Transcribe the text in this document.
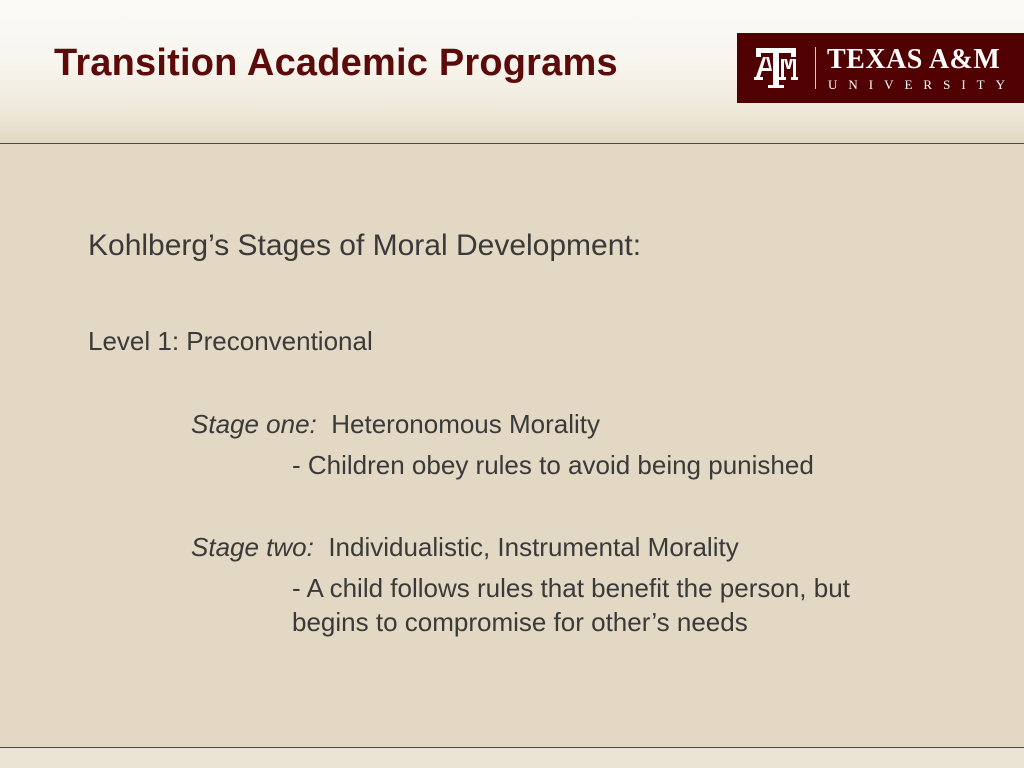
Transition Academic Programs	TEXAS A&M
UNIVERSITY
Kohlberg’s Stages of Moral Development:
Level 1: Preconventional
Stage one: Heteronomous Morality
- Children obey rules to avoid being punished
Stage two: Individualistic, Instrumental Morality
- A child follows rules that benefit the person, but
begins to compromise for other’s needs
